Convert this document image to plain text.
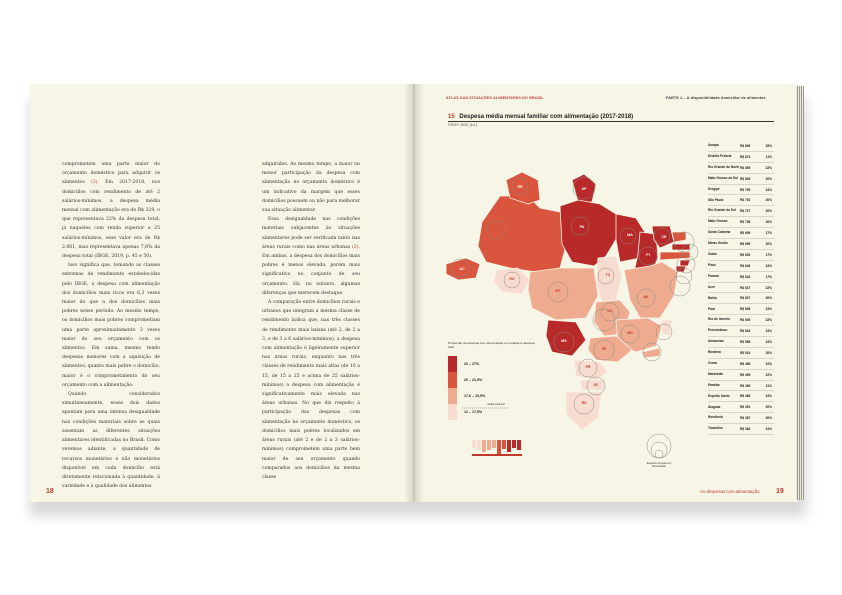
ATLAS DAS SITUAÇÕES ALIMENTARES NO BRASIL	PARTE 1 – A disponibilidade domiciliar de alimentos

comprometem uma parte maior do orçamento doméstico para adquirir os alimentos (3). Em 2017-2018, nos domicílios com rendimento de até 2 salários-mínimos, a despesa média mensal com alimentação era de R$ 329, o que representava 22% da despesa total; já naqueles com renda superior a 25 salários-mínimos, esse valor era de R$ 2.061, mas representava apenas 7,6% da despesa total (IBGE, 2019, p. 45 e 50).

Isso significa que, tomando as classes extremas de rendimento estabelecidas pelo IBGE, a despesa com alimentação dos domicílios mais ricos era 6,3 vezes maior do que a dos domicílios mais pobres nesse período. Ao mesmo tempo, os domicílios mais pobres comprometiam uma parte aproximadamente 3 vezes maior do seu orçamento com os alimentos. Em suma, mesmo tendo despesas menores com a aquisição de alimentos, quanto mais pobre o domicílio, maior é o comprometimento do seu orçamento com a alimentação.

Quando considerados simultaneamente, esses dois dados apontam para uma intensa desigualdade nas condições materiais sobre as quais assentam as diferentes situações alimentares identificadas no Brasil. Como veremos adiante, a quantidade de recursos monetários e não monetários disponível em cada domicílio está diretamente relacionada à quantidade, à variedade e à qualidade dos alimentos

adquiridos. Ao mesmo tempo, a maior ou menor participação da despesa com alimentação no orçamento doméstico é um indicativo da margem que esses domicílios possuem ou não para melhorar sua situação alimentar.

Essa desigualdade nas condições materiais subjacentes às situações alimentares pode ser verificada tanto nas áreas rurais como nas áreas urbanas (3). Em ambas, a despesa dos domicílios mais pobres é menos elevada, porém mais significativa no conjunto de seu orçamento. Há, no entanto, algumas diferenças que merecem destaque.

A comparação entre domicílios rurais e urbanos que integram a mesma classe de rendimento indica que, nas três classes de rendimento mais baixas (até 2, de 2 a 3, e de 3 a 6 salários-mínimos), a despesa com alimentação é ligeiramente superior nas áreas rurais, enquanto nas três classes de rendimento mais altas (de 10 a 15, de 15 a 25 e acima de 25 salários-mínimos) a despesa com alimentação é significativamente mais elevada nas áreas urbanas. No que diz respeito à participação das despesas com alimentação no orçamento doméstico, os domicílios mais pobres localizados em áreas rurais (até 2 e de 2 a 3 salários-mínimos) comprometem uma parte bem maior de seu orçamento quando comparados aos domicílios da mesma classe

18	As despesas com alimentação 19
15 Despesa média mensal familiar com alimentação (2017-2018)
FONTE: IBGE, [s.d.].
RR	AP
PA
MA	CE
PI
AC
MS
RO
TO
MT
BA
GO
MG
SP
PR
SC
RS
Proporção da despesa com alimentação em relação à despesa total
22 – 27%
20 – 21,9%
17,6 – 19,9%
12 – 17,5%
média nacional
despesa mensal com alimentação
Amapá	R$ 895	25%
Distrito Federal	R$ 874	11%
Rio Grande do Norte R$ 859	22%
Mato Grosso do Sul R$ 806	20%
Sergipe	R$ 795	24%
São Paulo	R$ 752	20%
Rio Grande do Sul	R$ 727	20%
Mato Grosso	R$ 708	20%
Santa Catarina	R$ 699	17%
Minas Gerais	R$ 659	20%
Goiás	R$ 652	17%
Piauí	R$ 646	24%
Paraná	R$ 642	17%
Acre	R$ 637	22%
Bahia	R$ 627	20%
Pará	R$ 608	23%
Rio de Janeiro	R$ 605	22%
Pernambuco	R$ 604	23%
Amazonas	R$ 558	23%
Roraima	R$ 524	20%
Ceará	R$ 498	22%
Maranhão	R$ 499	22%
Paraíba	R$ 496	21%
Espírito Santo	R$ 466	24%
Alagoas	R$ 391	20%
Rondônia	R$ 387	20%
Tocantins	R$ 384	24%
